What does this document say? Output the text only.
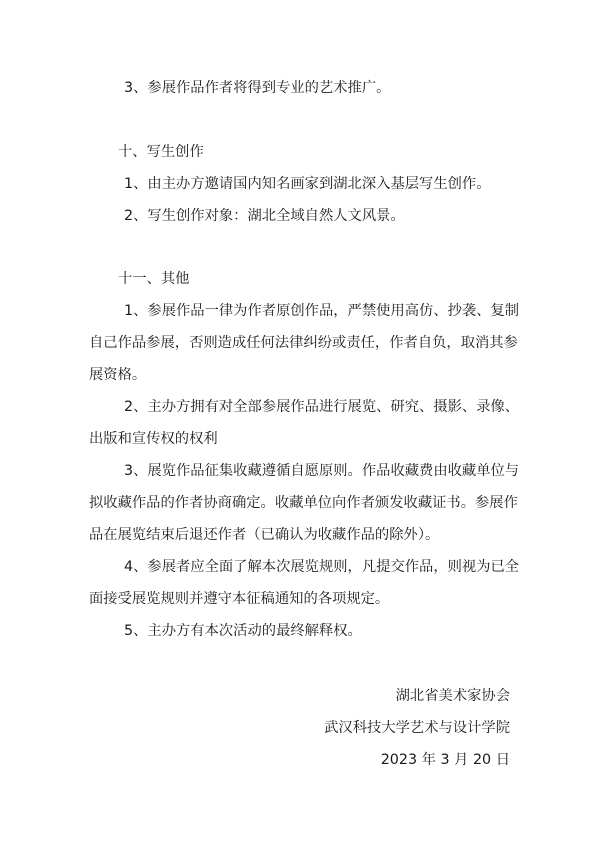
3、参展作品作者将得到专业的艺术推广。
十、写生创作
1、由主办方邀请国内知名画家到湖北深入基层写生创作。
2、写生创作对象：湖北全域自然人文风景。
十一、其他
1、参展作品一律为作者原创作品，严禁使用高仿、抄袭、复制
自己作品参展，否则造成任何法律纠纷或责任，作者自负，取消其参
展资格。
2、主办方拥有对全部参展作品进行展览、研究、摄影、录像、
出版和宣传权的权利
3、展览作品征集收藏遵循自愿原则。作品收藏费由收藏单位与
拟收藏作品的作者协商确定。收藏单位向作者颁发收藏证书。参展作
品在展览结束后退还作者（已确认为收藏作品的除外）。
4、参展者应全面了解本次展览规则，凡提交作品，则视为已全
面接受展览规则并遵守本征稿通知的各项规定。
5、主办方有本次活动的最终解释权。
湖北省美术家协会
武汉科技大学艺术与设计学院
2023 年 3 月 20 日
